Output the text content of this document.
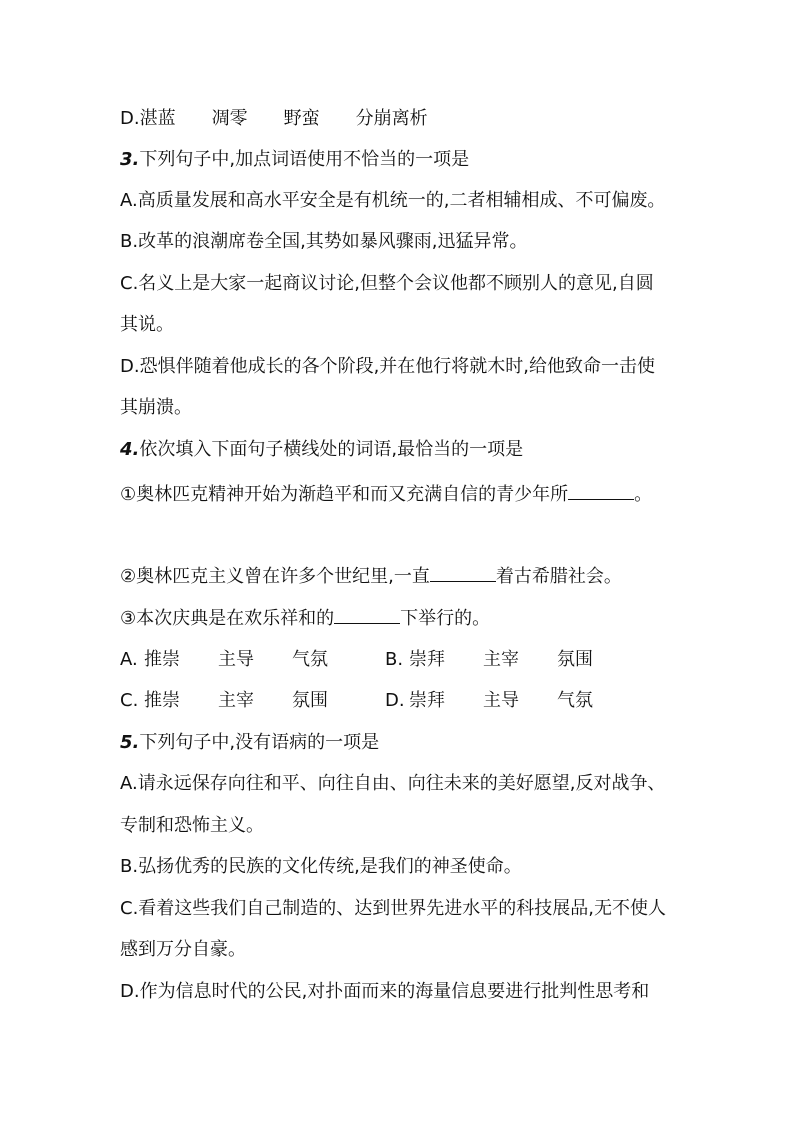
D.湛蓝　　凋零　　野蛮　　分崩离析
3.下列句子中,加点词语使用不恰当的一项是
A.高质量发展和高水平安全是有机统一的,二者相辅相成、不可偏废。
B.改革的浪潮席卷全国,其势如暴风骤雨,迅猛异常。
C.名义上是大家一起商议讨论,但整个会议他都不顾别人的意见,自圆
其说。
D.恐惧伴随着他成长的各个阶段,并在他行将就木时,给他致命一击使
其崩溃。
4.依次填入下面句子横线处的词语,最恰当的一项是
①奥林匹克精神开始为渐趋平和而又充满自信的青少年所	。
②奥林匹克主义曾在许多个世纪里,一直	着古希腊社会。
③本次庆典是在欢乐祥和的	下举行的。
A. 推崇 主导 气氛	B. 崇拜 主宰 氛围
C. 推崇 主宰 氛围	D. 崇拜 主导 气氛
5.下列句子中,没有语病的一项是
A.请永远保存向往和平、向往自由、向往未来的美好愿望,反对战争、
专制和恐怖主义。
B.弘扬优秀的民族的文化传统,是我们的神圣使命。
C.看着这些我们自己制造的、达到世界先进水平的科技展品,无不使人
感到万分自豪。
D.作为信息时代的公民,对扑面而来的海量信息要进行批判性思考和
